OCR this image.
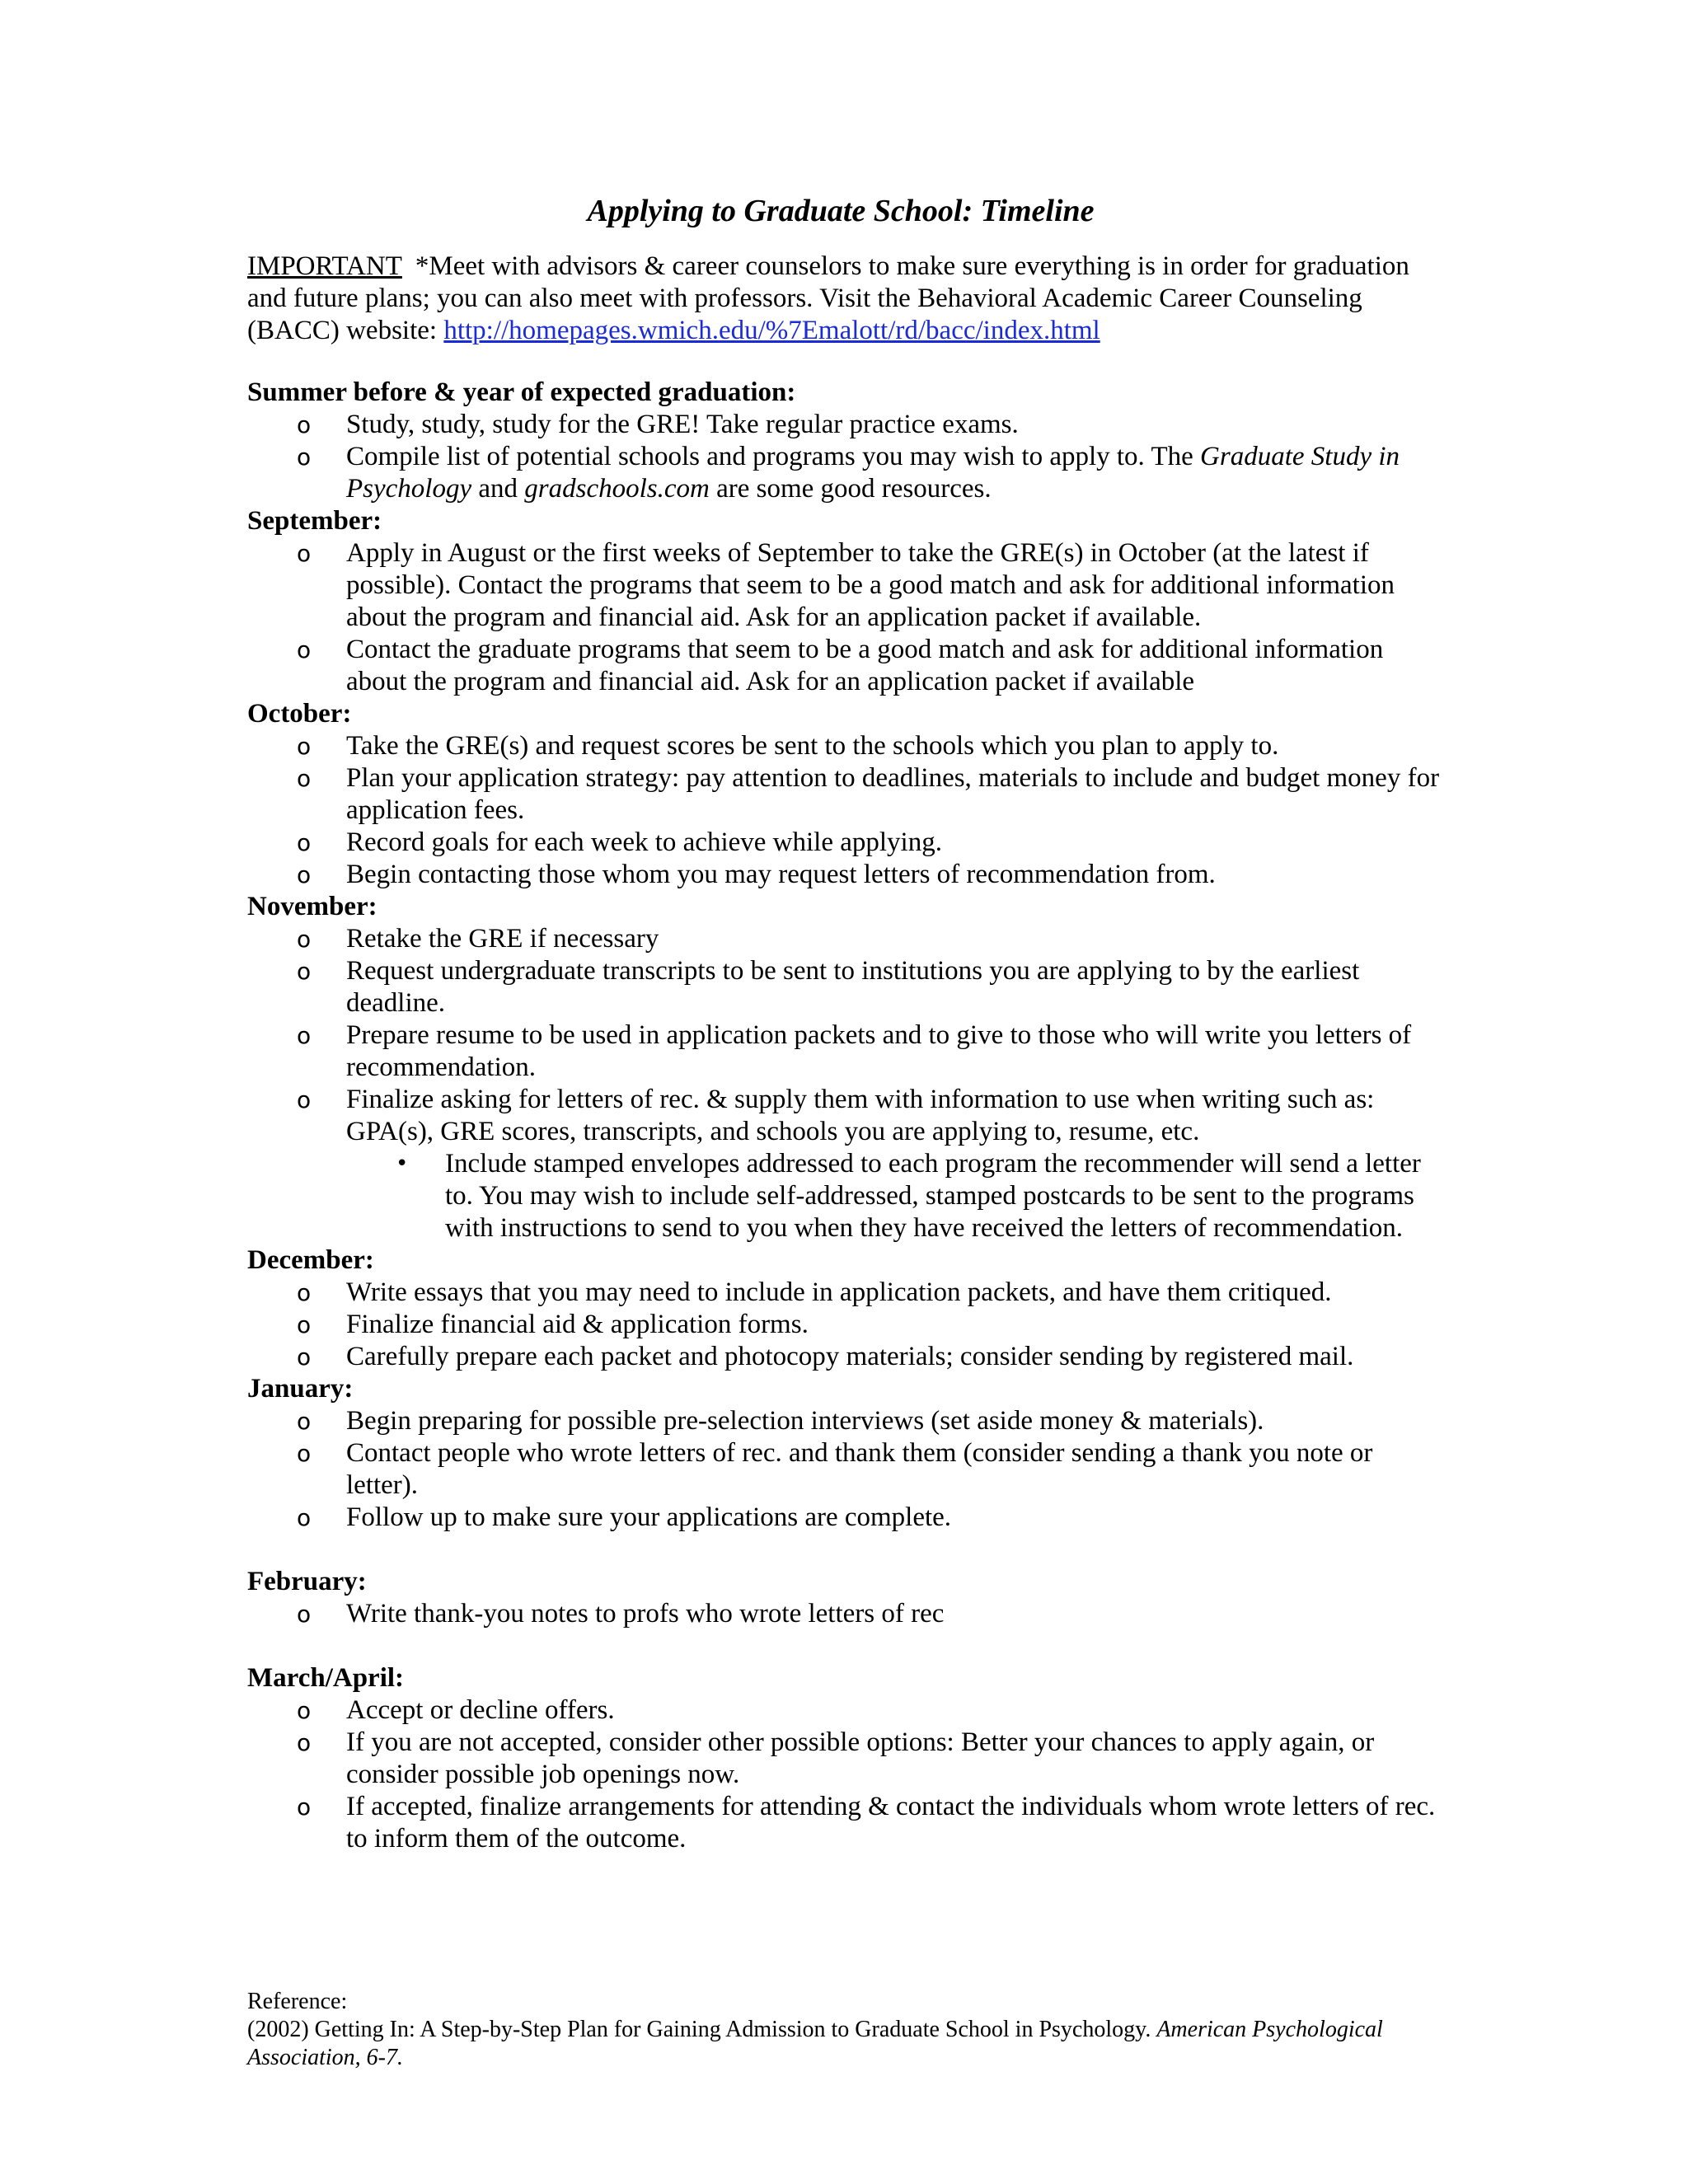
Applying to Graduate School: Timeline

IMPORTANT *Meet with advisors & career counselors to make sure everything is in order for graduation and future plans; you can also meet with professors. Visit the Behavioral Academic Career Counseling (BACC) website: http://homepages.wmich.edu/%7Emalott/rd/bacc/index.html

Summer before & year of expected graduation:
o Study, study, study for the GRE! Take regular practice exams.
o Compile list of potential schools and programs you may wish to apply to. The Graduate Study in Psychology and gradschools.com are some good resources.
September:
o Apply in August or the first weeks of September to take the GRE(s) in October (at the latest if possible). Contact the programs that seem to be a good match and ask for additional information about the program and financial aid. Ask for an application packet if available.
o Contact the graduate programs that seem to be a good match and ask for additional information about the program and financial aid. Ask for an application packet if available
October:
o Take the GRE(s) and request scores be sent to the schools which you plan to apply to.
o Plan your application strategy: pay attention to deadlines, materials to include and budget money for application fees.
o Record goals for each week to achieve while applying.
o Begin contacting those whom you may request letters of recommendation from.
November:
o Retake the GRE if necessary
o Request undergraduate transcripts to be sent to institutions you are applying to by the earliest deadline.
o Prepare resume to be used in application packets and to give to those who will write you letters of recommendation.
o Finalize asking for letters of rec. & supply them with information to use when writing such as: GPA(s), GRE scores, transcripts, and schools you are applying to, resume, etc.
• Include stamped envelopes addressed to each program the recommender will send a letter to. You may wish to include self-addressed, stamped postcards to be sent to the programs with instructions to send to you when they have received the letters of recommendation.
December:
o Write essays that you may need to include in application packets, and have them critiqued.
o Finalize financial aid & application forms.
o Carefully prepare each packet and photocopy materials; consider sending by registered mail.
January:
o Begin preparing for possible pre-selection interviews (set aside money & materials).
o Contact people who wrote letters of rec. and thank them (consider sending a thank you note or letter).
o Follow up to make sure your applications are complete.
February:
o Write thank-you notes to profs who wrote letters of rec
March/April:
o Accept or decline offers.
o If you are not accepted, consider other possible options: Better your chances to apply again, or consider possible job openings now.
o If accepted, finalize arrangements for attending & contact the individuals whom wrote letters of rec. to inform them of the outcome.
Reference:
(2002) Getting In: A Step-by-Step Plan for Gaining Admission to Graduate School in Psychology. American Psychological Association, 6-7.
